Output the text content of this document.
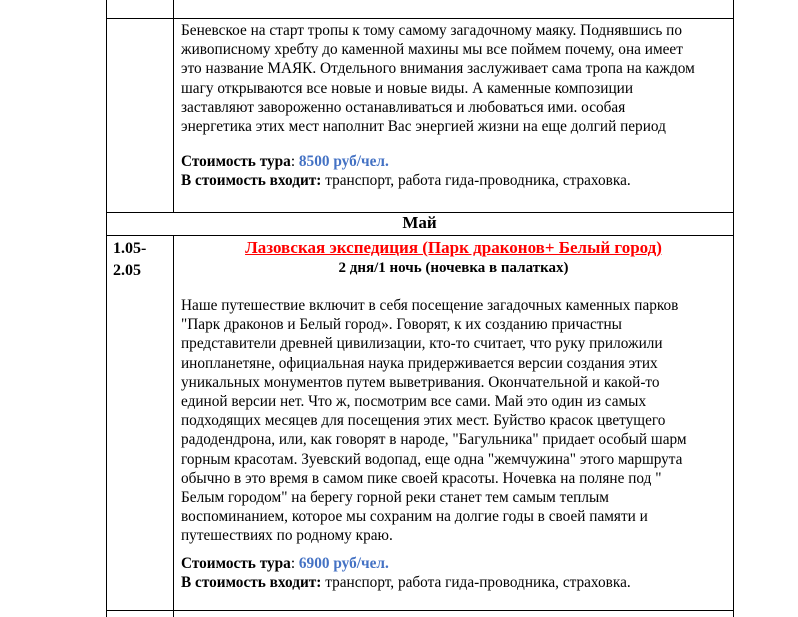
Беневское на старт тропы к тому самому загадочному маяку. Поднявшись по
живописному хребту до каменной махины мы все поймем почему, она имеет
это название МАЯК. Отдельного внимания заслуживает сама тропа на каждом
шагу открываются все новые и новые виды. А каменные композиции
заставляют завороженно останавливаться и любоваться ими. особая
энергетика этих мест наполнит Вас энергией жизни на еще долгий период
Стоимость тура: 8500 руб/чел.
В стоимость входит: транспорт, работа гида-проводника, страховка.
Май
1.05-
2.05
Лазовская экспедиция (Парк драконов+ Белый город)
2 дня/1 ночь (ночевка в палатках)
Наше путешествие включит в себя посещение загадочных каменных парков
"Парк драконов и Белый город». Говорят, к их созданию причастны
представители древней цивилизации, кто-то считает, что руку приложили
инопланетяне, официальная наука придерживается версии создания этих
уникальных монументов путем выветривания. Окончательной и какой-то
единой версии нет. Что ж, посмотрим все сами. Май это один из самых
подходящих месяцев для посещения этих мест. Буйство красок цветущего
радодендрона, или, как говорят в народе, "Багульника" придает особый шарм
горным красотам. Зуевский водопад, еще одна "жемчужина" этого маршрута
обычно в это время в самом пике своей красоты. Ночевка на поляне под "
Белым городом" на берегу горной реки станет тем самым теплым
воспоминанием, которое мы сохраним на долгие годы в своей памяти и
путешествиях по родному краю.
Стоимость тура: 6900 руб/чел.
В стоимость входит: транспорт, работа гида-проводника, страховка.
